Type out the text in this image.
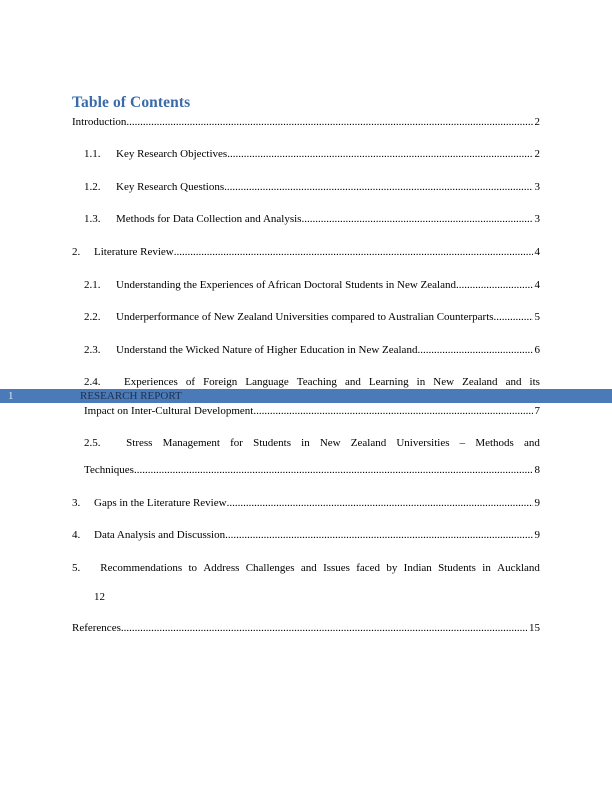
Table of Contents
Introduction .....	2
1.1.	Key Research Objectives .....	2
1.2.	Key Research Questions .....	3
1.3.	Methods for Data Collection and Analysis .....	3
2.	Literature Review .....	4
2.1.	Understanding the Experiences of African Doctoral Students in New Zealand .....	4
2.2.	Underperformance of New Zealand Universities compared to Australian Counterparts . .....	5
2.3.	Understand the Wicked Nature of Higher Education in New Zealand .....	6
2.4.	Experiences of Foreign Language Teaching and Learning in New Zealand and its
1	RESEARCH REPORT
Impact on Inter-Cultural Development .....	7
2.5.	Stress Management for Students in New Zealand Universities – Methods and
Techniques .....	8
3.	Gaps in the Literature Review .....	9
4.	Data Analysis and Discussion .....	9
5.	Recommendations to Address Challenges and Issues faced by Indian Students in Auckland
12
References .....	15
